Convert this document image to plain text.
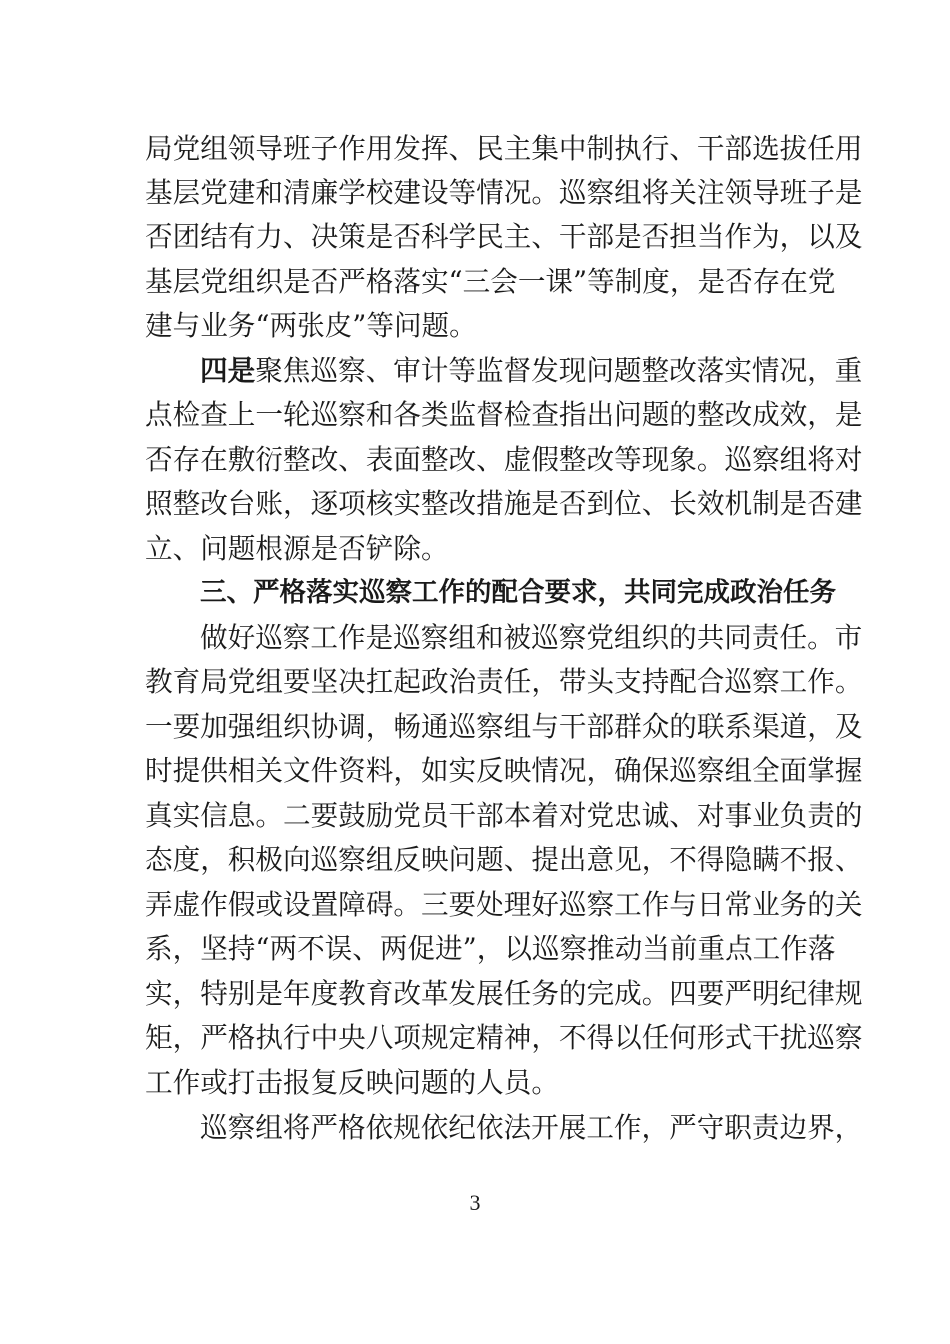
局党组领导班子作用发挥、民主集中制执行、干部选拔任用
基层党建和清廉学校建设等情况。巡察组将关注领导班子是
否团结有力、决策是否科学民主、干部是否担当作为，以及
基层党组织是否严格落实“三会一课”等制度，是否存在党
建与业务“两张皮”等问题。
四是聚焦巡察、审计等监督发现问题整改落实情况，重
点检查上一轮巡察和各类监督检查指出问题的整改成效，是
否存在敷衍整改、表面整改、虚假整改等现象。巡察组将对
照整改台账，逐项核实整改措施是否到位、长效机制是否建
立、问题根源是否铲除。
三、严格落实巡察工作的配合要求，共同完成政治任务
做好巡察工作是巡察组和被巡察党组织的共同责任。市
教育局党组要坚决扛起政治责任，带头支持配合巡察工作。
一要加强组织协调，畅通巡察组与干部群众的联系渠道，及
时提供相关文件资料，如实反映情况，确保巡察组全面掌握
真实信息。二要鼓励党员干部本着对党忠诚、对事业负责的
态度，积极向巡察组反映问题、提出意见，不得隐瞒不报、
弄虚作假或设置障碍。三要处理好巡察工作与日常业务的关
系，坚持“两不误、两促进”，以巡察推动当前重点工作落
实，特别是年度教育改革发展任务的完成。四要严明纪律规
矩，严格执行中央八项规定精神，不得以任何形式干扰巡察
工作或打击报复反映问题的人员。
巡察组将严格依规依纪依法开展工作，严守职责边界，
3
